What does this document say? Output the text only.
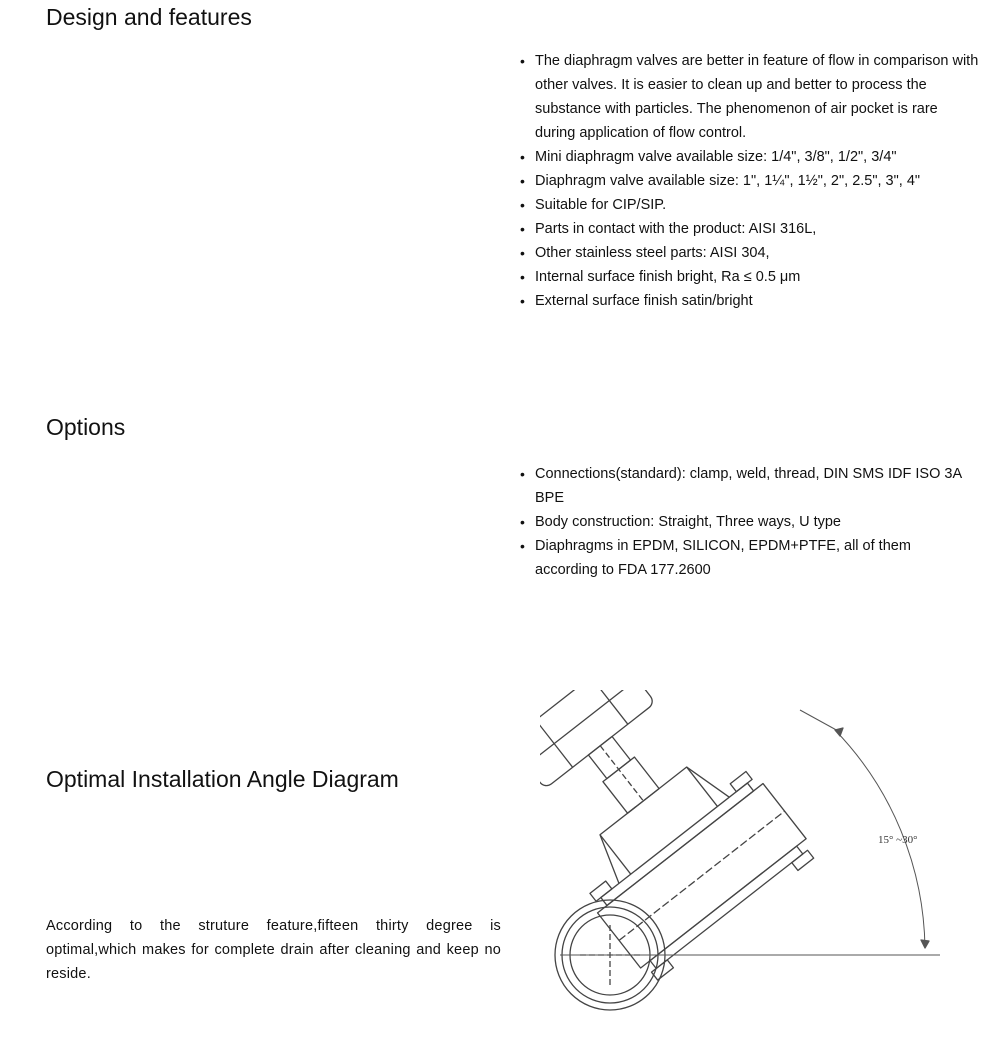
Design and features
• The diaphragm valves are better in feature of flow in comparison with other valves. It is easier to clean up and better to process the substance with particles. The phenomenon of air pocket is rare during application of flow control.
• Mini diaphragm valve available size: 1/4", 3/8", 1/2", 3/4"
• Diaphragm valve available size: 1", 1¼", 1½", 2", 2.5", 3", 4"
• Suitable for CIP/SIP.
• Parts in contact with the product: AISI 316L,
• Other stainless steel parts: AISI 304,
• Internal surface finish bright, Ra ≤ 0.5 μm
• External surface finish satin/bright
Options
• Connections(standard): clamp, weld, thread, DIN SMS IDF ISO 3A BPE
• Body construction: Straight, Three ways, U type
• Diaphragms in EPDM, SILICON, EPDM+PTFE, all of them according to FDA 177.2600
Optimal Installation Angle Diagram

According to the struture feature,fifteen thirty degree is optimal,which makes for complete drain after cleaning and keep no reside.

15° ~30°
